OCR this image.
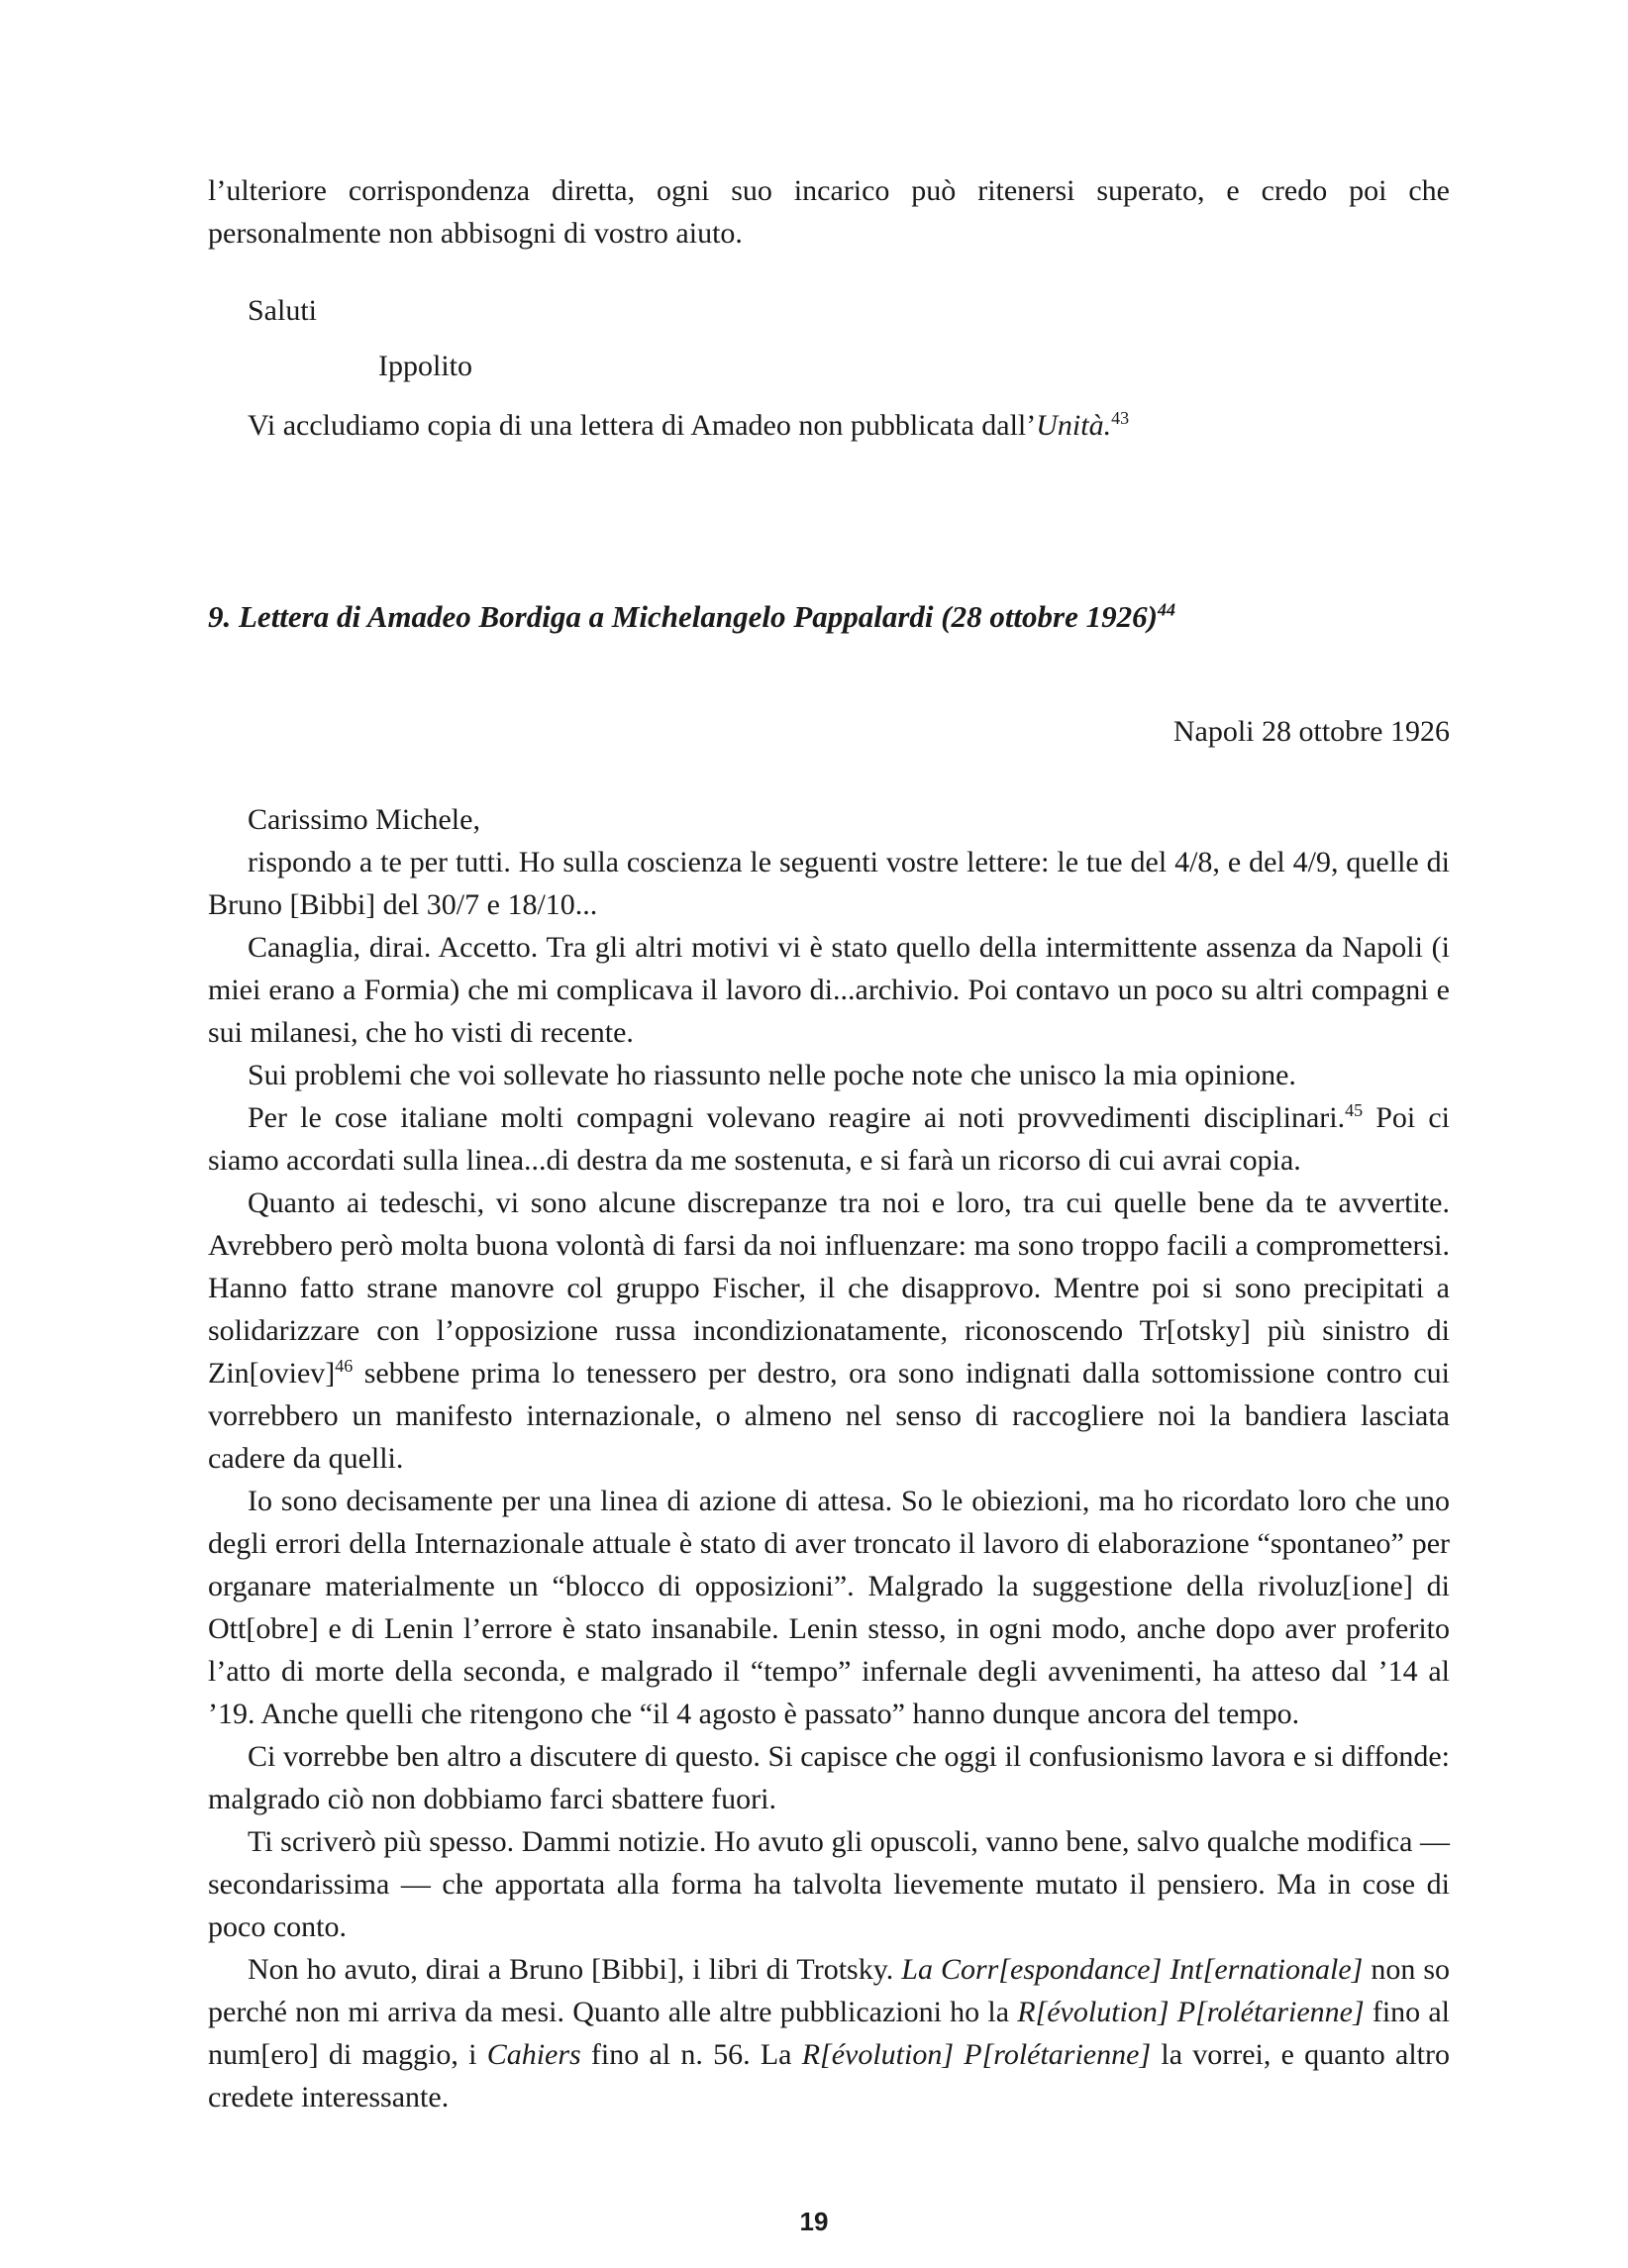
l’ulteriore corrispondenza diretta, ogni suo incarico può ritenersi superato, e credo poi che personalmente non abbisogni di vostro aiuto.

Saluti

Ippolito

Vi accludiamo copia di una lettera di Amadeo non pubblicata dall’Unità.$^{43}$

9. Lettera di Amadeo Bordiga a Michelangelo Pappalardi (28 ottobre 1926)$^{44}$

Napoli 28 ottobre 1926

Carissimo Michele,

rispondo a te per tutti. Ho sulla coscienza le seguenti vostre lettere: le tue del 4/8, e del 4/9, quelle di Bruno [Bibbi] del 30/7 e 18/10...

Canaglia, dirai. Accetto. Tra gli altri motivi vi è stato quello della intermittente assenza da Napoli (i miei erano a Formia) che mi complicava il lavoro di...archivio. Poi contavo un poco su altri compagni e sui milanesi, che ho visti di recente.

Sui problemi che voi sollevate ho riassunto nelle poche note che unisco la mia opinione.

Per le cose italiane molti compagni volevano reagire ai noti provvedimenti disciplinari.$^{45}$ Poi ci siamo accordati sulla linea...di destra da me sostenuta, e si farà un ricorso di cui avrai copia.

Quanto ai tedeschi, vi sono alcune discrepanze tra noi e loro, tra cui quelle bene da te avvertite. Avrebbero però molta buona volontà di farsi da noi influenzare: ma sono troppo facili a compromettersi. Hanno fatto strane manovre col gruppo Fischer, il che disapprovo. Mentre poi si sono precipitati a solidarizzare con l’opposizione russa incondizionatamente, riconoscendo Tr[otsky] più sinistro di Zin[oviev]$^{46}$ sebbene prima lo tenessero per destro, ora sono indignati dalla sottomissione contro cui vorrebbero un manifesto internazionale, o almeno nel senso di raccogliere noi la bandiera lasciata cadere da quelli.

Io sono decisamente per una linea di azione di attesa. So le obiezioni, ma ho ricordato loro che uno degli errori della Internazionale attuale è stato di aver troncato il lavoro di elaborazione “spontaneo” per organare materialmente un “blocco di opposizioni”. Malgrado la suggestione della rivoluz[ione] di Ott[obre] e di Lenin l’errore è stato insanabile. Lenin stesso, in ogni modo, anche dopo aver proferito l’atto di morte della seconda, e malgrado il “tempo” infernale degli avvenimenti, ha atteso dal ’14 al ’19. Anche quelli che ritengono che “il 4 agosto è passato” hanno dunque ancora del tempo.

Ci vorrebbe ben altro a discutere di questo. Si capisce che oggi il confusionismo lavora e si diffonde: malgrado ciò non dobbiamo farci sbattere fuori.

Ti scriverò più spesso. Dammi notizie. Ho avuto gli opuscoli, vanno bene, salvo qualche modifica — secondarissima — che apportata alla forma ha talvolta lievemente mutato il pensiero. Ma in cose di poco conto.

Non ho avuto, dirai a Bruno [Bibbi], i libri di Trotsky. La Corr[espondance] Int[ernationale] non so perché non mi arriva da mesi. Quanto alle altre pubblicazioni ho la R[évolution] P[rolétarienne] fino al num[ero] di maggio, i Cahiers fino al n. 56. La R[évolution] P[rolétarienne] la vorrei, e quanto altro credete interessante.

19
